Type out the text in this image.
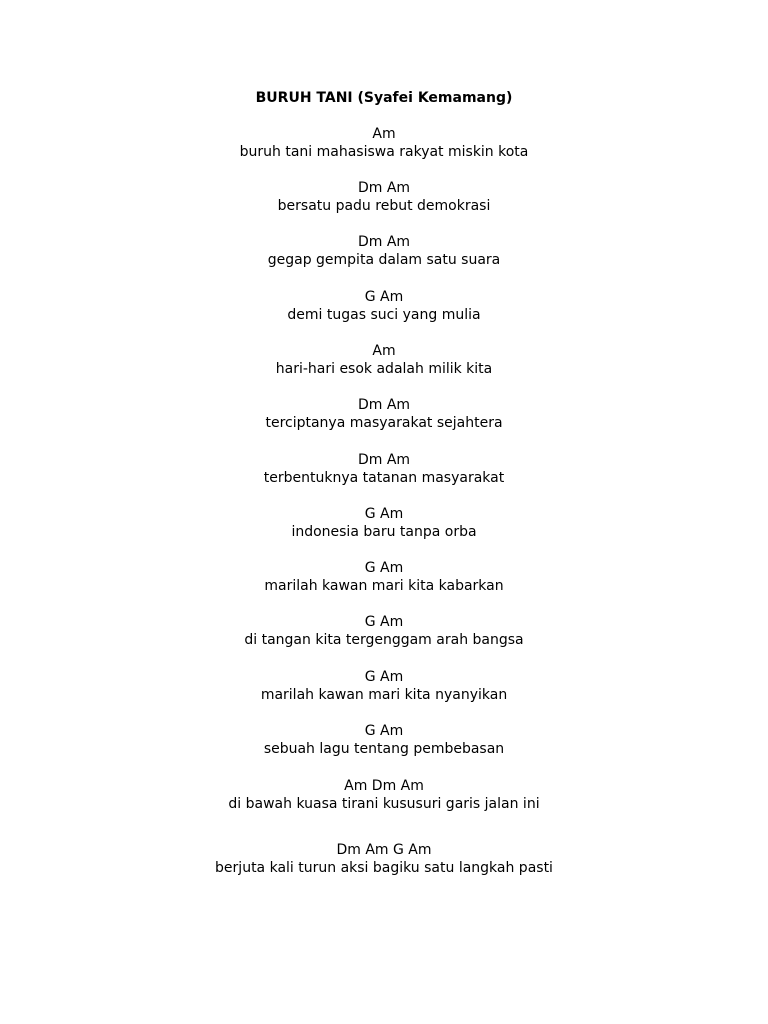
BURUH TANI (Syafei Kemamang)
Am
buruh tani mahasiswa rakyat miskin kota
Dm Am
bersatu padu rebut demokrasi
Dm Am
gegap gempita dalam satu suara
G Am
demi tugas suci yang mulia
Am
hari-hari esok adalah milik kita
Dm Am
terciptanya masyarakat sejahtera
Dm Am
terbentuknya tatanan masyarakat
G Am
indonesia baru tanpa orba
G Am
marilah kawan mari kita kabarkan
G Am
di tangan kita tergenggam arah bangsa
G Am
marilah kawan mari kita nyanyikan
G Am
sebuah lagu tentang pembebasan
Am Dm Am
di bawah kuasa tirani kususuri garis jalan ini
Dm Am G Am
berjuta kali turun aksi bagiku satu langkah pasti
